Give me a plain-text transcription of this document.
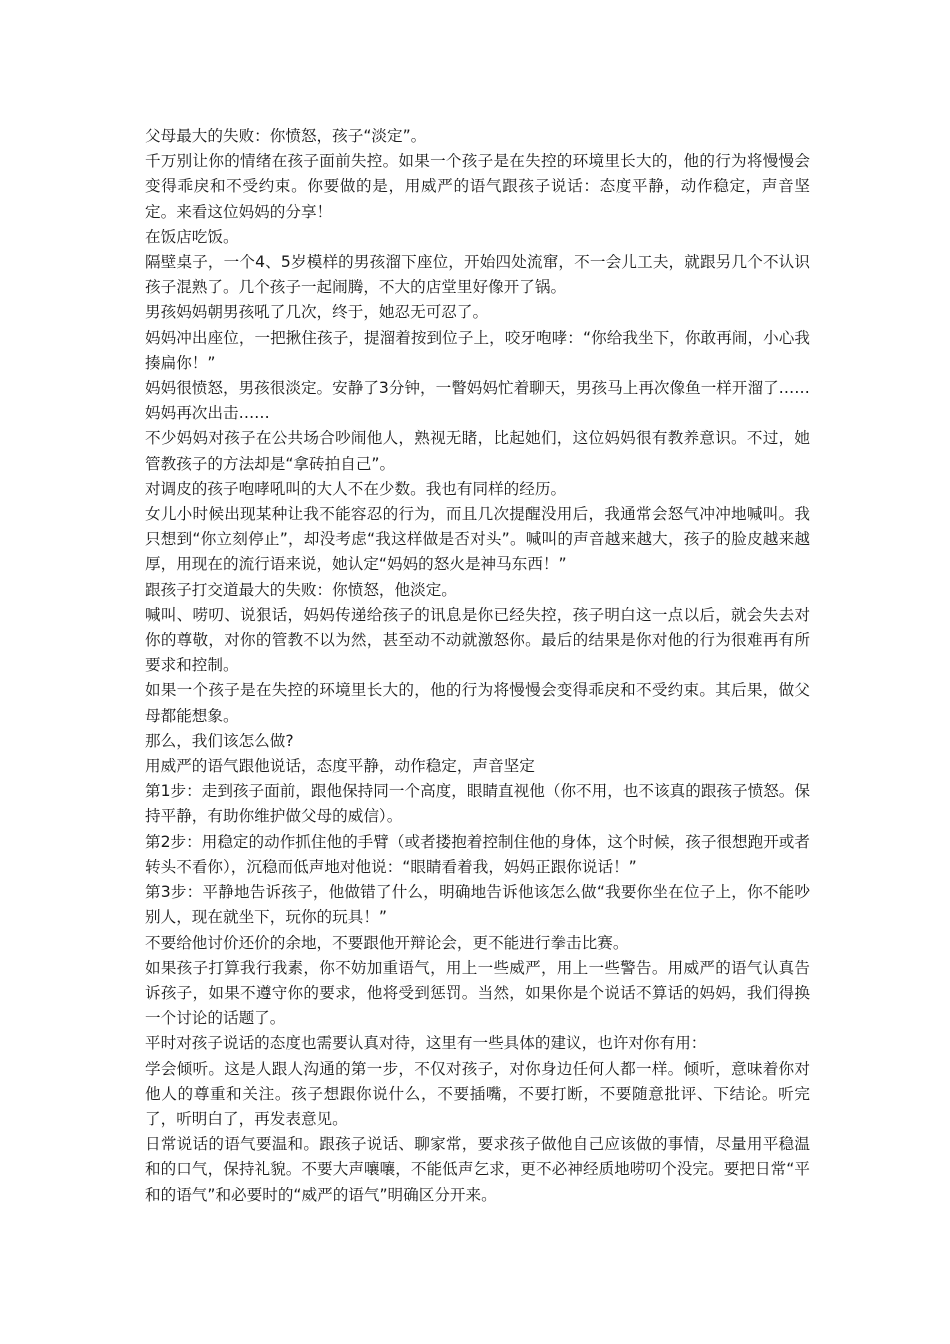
父母最大的失败：你愤怒，孩子“淡定”。

千万别让你的情绪在孩子面前失控。如果一个孩子是在失控的环境里长大的，他的行为将慢慢会变得乖戾和不受约束。你要做的是，用威严的语气跟孩子说话：态度平静，动作稳定，声音坚定。来看这位妈妈的分享！

在饭店吃饭。

隔壁桌子，一个4、5岁模样的男孩溜下座位，开始四处流窜，不一会儿工夫，就跟另几个不认识孩子混熟了。几个孩子一起闹腾，不大的店堂里好像开了锅。

男孩妈妈朝男孩吼了几次，终于，她忍无可忍了。

妈妈冲出座位，一把揪住孩子，提溜着按到位子上，咬牙咆哮：“你给我坐下，你敢再闹，小心我揍扁你！”

妈妈很愤怒，男孩很淡定。安静了3分钟，一瞥妈妈忙着聊天，男孩马上再次像鱼一样开溜了……

妈妈再次出击……

不少妈妈对孩子在公共场合吵闹他人，熟视无睹，比起她们，这位妈妈很有教养意识。不过，她管教孩子的方法却是“拿砖拍自己”。

对调皮的孩子咆哮吼叫的大人不在少数。我也有同样的经历。

女儿小时候出现某种让我不能容忍的行为，而且几次提醒没用后，我通常会怒气冲冲地喊叫。我只想到“你立刻停止”，却没考虑“我这样做是否对头”。喊叫的声音越来越大，孩子的脸皮越来越厚，用现在的流行语来说，她认定“妈妈的怒火是神马东西！”

跟孩子打交道最大的失败：你愤怒，他淡定。

喊叫、唠叨、说狠话，妈妈传递给孩子的讯息是你已经失控，孩子明白这一点以后，就会失去对你的尊敬，对你的管教不以为然，甚至动不动就激怒你。最后的结果是你对他的行为很难再有所要求和控制。

如果一个孩子是在失控的环境里长大的，他的行为将慢慢会变得乖戾和不受约束。其后果，做父母都能想象。

那么，我们该怎么做?

用威严的语气跟他说话，态度平静，动作稳定，声音坚定

第1步：走到孩子面前，跟他保持同一个高度，眼睛直视他（你不用，也不该真的跟孩子愤怒。保持平静，有助你维护做父母的威信）。

第2步：用稳定的动作抓住他的手臂（或者搂抱着控制住他的身体，这个时候，孩子很想跑开或者转头不看你），沉稳而低声地对他说：“眼睛看着我，妈妈正跟你说话！”

第3步：平静地告诉孩子，他做错了什么，明确地告诉他该怎么做“我要你坐在位子上，你不能吵别人，现在就坐下，玩你的玩具！”

不要给他讨价还价的余地，不要跟他开辩论会，更不能进行拳击比赛。

如果孩子打算我行我素，你不妨加重语气，用上一些威严，用上一些警告。用威严的语气认真告诉孩子，如果不遵守你的要求，他将受到惩罚。当然，如果你是个说话不算话的妈妈，我们得换一个讨论的话题了。

平时对孩子说话的态度也需要认真对待，这里有一些具体的建议，也许对你有用：

学会倾听。这是人跟人沟通的第一步，不仅对孩子，对你身边任何人都一样。倾听，意味着你对他人的尊重和关注。孩子想跟你说什么，不要插嘴，不要打断，不要随意批评、下结论。听完了，听明白了，再发表意见。

日常说话的语气要温和。跟孩子说话、聊家常，要求孩子做他自己应该做的事情，尽量用平稳温和的口气，保持礼貌。不要大声嚷嚷，不能低声乞求，更不必神经质地唠叨个没完。要把日常“平和的语气”和必要时的“威严的语气”明确区分开来。
